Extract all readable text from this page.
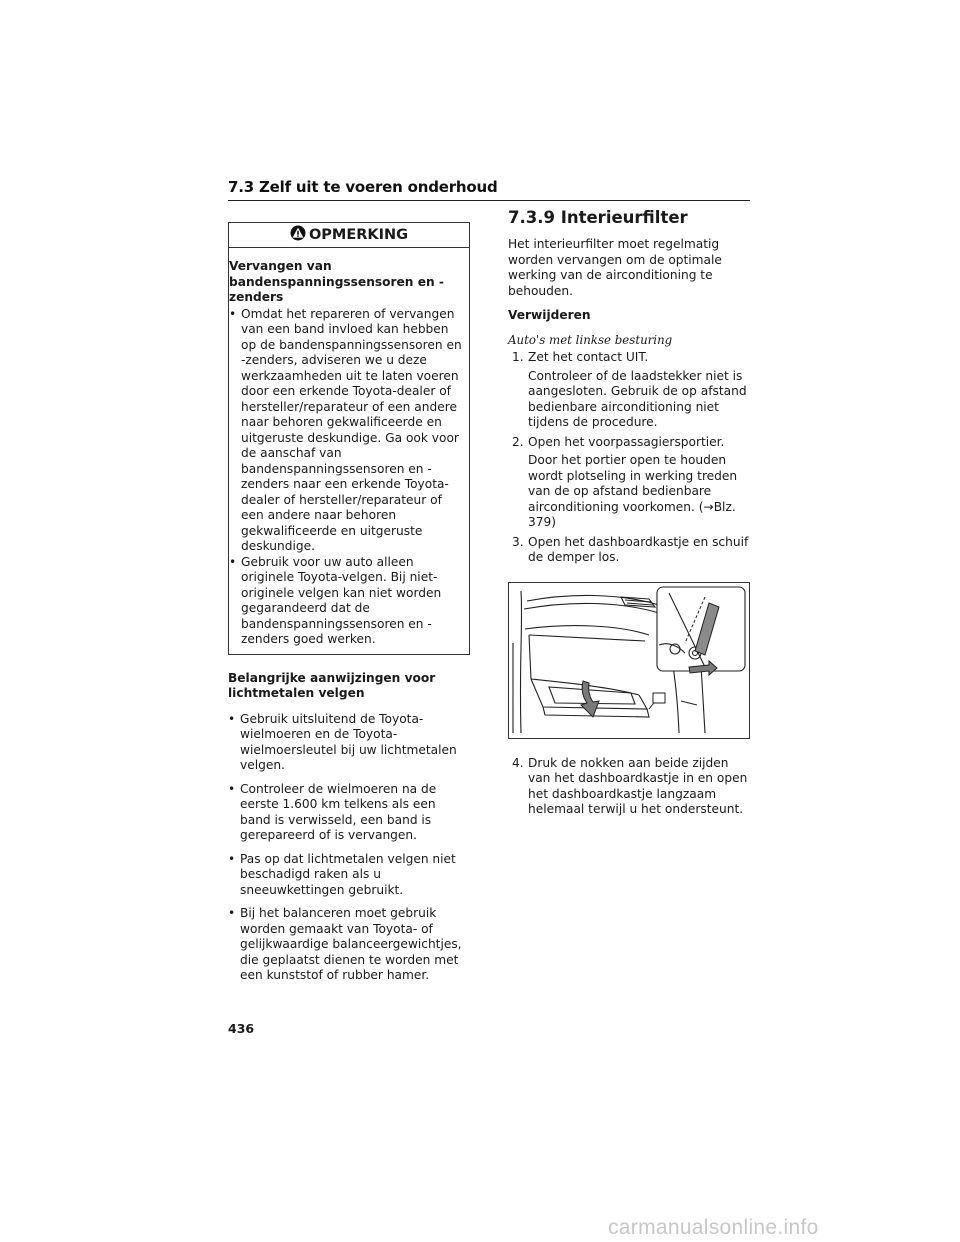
7.3 Zelf uit te voeren onderhoud
OPMERKING
Vervangen van bandenspanningssensoren en -zenders
• Omdat het repareren of vervangen van een band invloed kan hebben op de bandenspanningssensoren en -zenders, adviseren we u deze werkzaamheden uit te laten voeren door een erkende Toyota-dealer of hersteller/reparateur of een andere naar behoren gekwalificeerde en uitgeruste deskundige. Ga ook voor de aanschaf van bandenspanningssensoren en -zenders naar een erkende Toyota-dealer of hersteller/reparateur of een andere naar behoren gekwalificeerde en uitgeruste deskundige.
• Gebruik voor uw auto alleen originele Toyota-velgen. Bij niet-originele velgen kan niet worden gegarandeerd dat de bandenspanningssensoren en -zenders goed werken.
Belangrijke aanwijzingen voor lichtmetalen velgen
• Gebruik uitsluitend de Toyota-wielmoeren en de Toyota-wielmoersleutel bij uw lichtmetalen velgen.
• Controleer de wielmoeren na de eerste 1.600 km telkens als een band is verwisseld, een band is gerepareerd of is vervangen.
• Pas op dat lichtmetalen velgen niet beschadigd raken als u sneeuwkettingen gebruikt.
• Bij het balanceren moet gebruik worden gemaakt van Toyota- of gelijkwaardige balanceergewichtjes, die geplaatst dienen te worden met een kunststof of rubber hamer.
7.3.9 Interieurfilter
Het interieurfilter moet regelmatig worden vervangen om de optimale werking van de airconditioning te behouden.
Verwijderen
Auto's met linkse besturing
1. Zet het contact UIT.
Controleer of de laadstekker niet is aangesloten. Gebruik de op afstand bedienbare airconditioning niet tijdens de procedure.
2. Open het voorpassagiersportier.
Door het portier open te houden wordt plotseling in werking treden van de op afstand bedienbare airconditioning voorkomen. (→Blz. 379)
3. Open het dashboardkastje en schuif de demper los.
4. Druk de nokken aan beide zijden van het dashboardkastje in en open het dashboardkastje langzaam helemaal terwijl u het ondersteunt.
436
carmanualsonline.info
